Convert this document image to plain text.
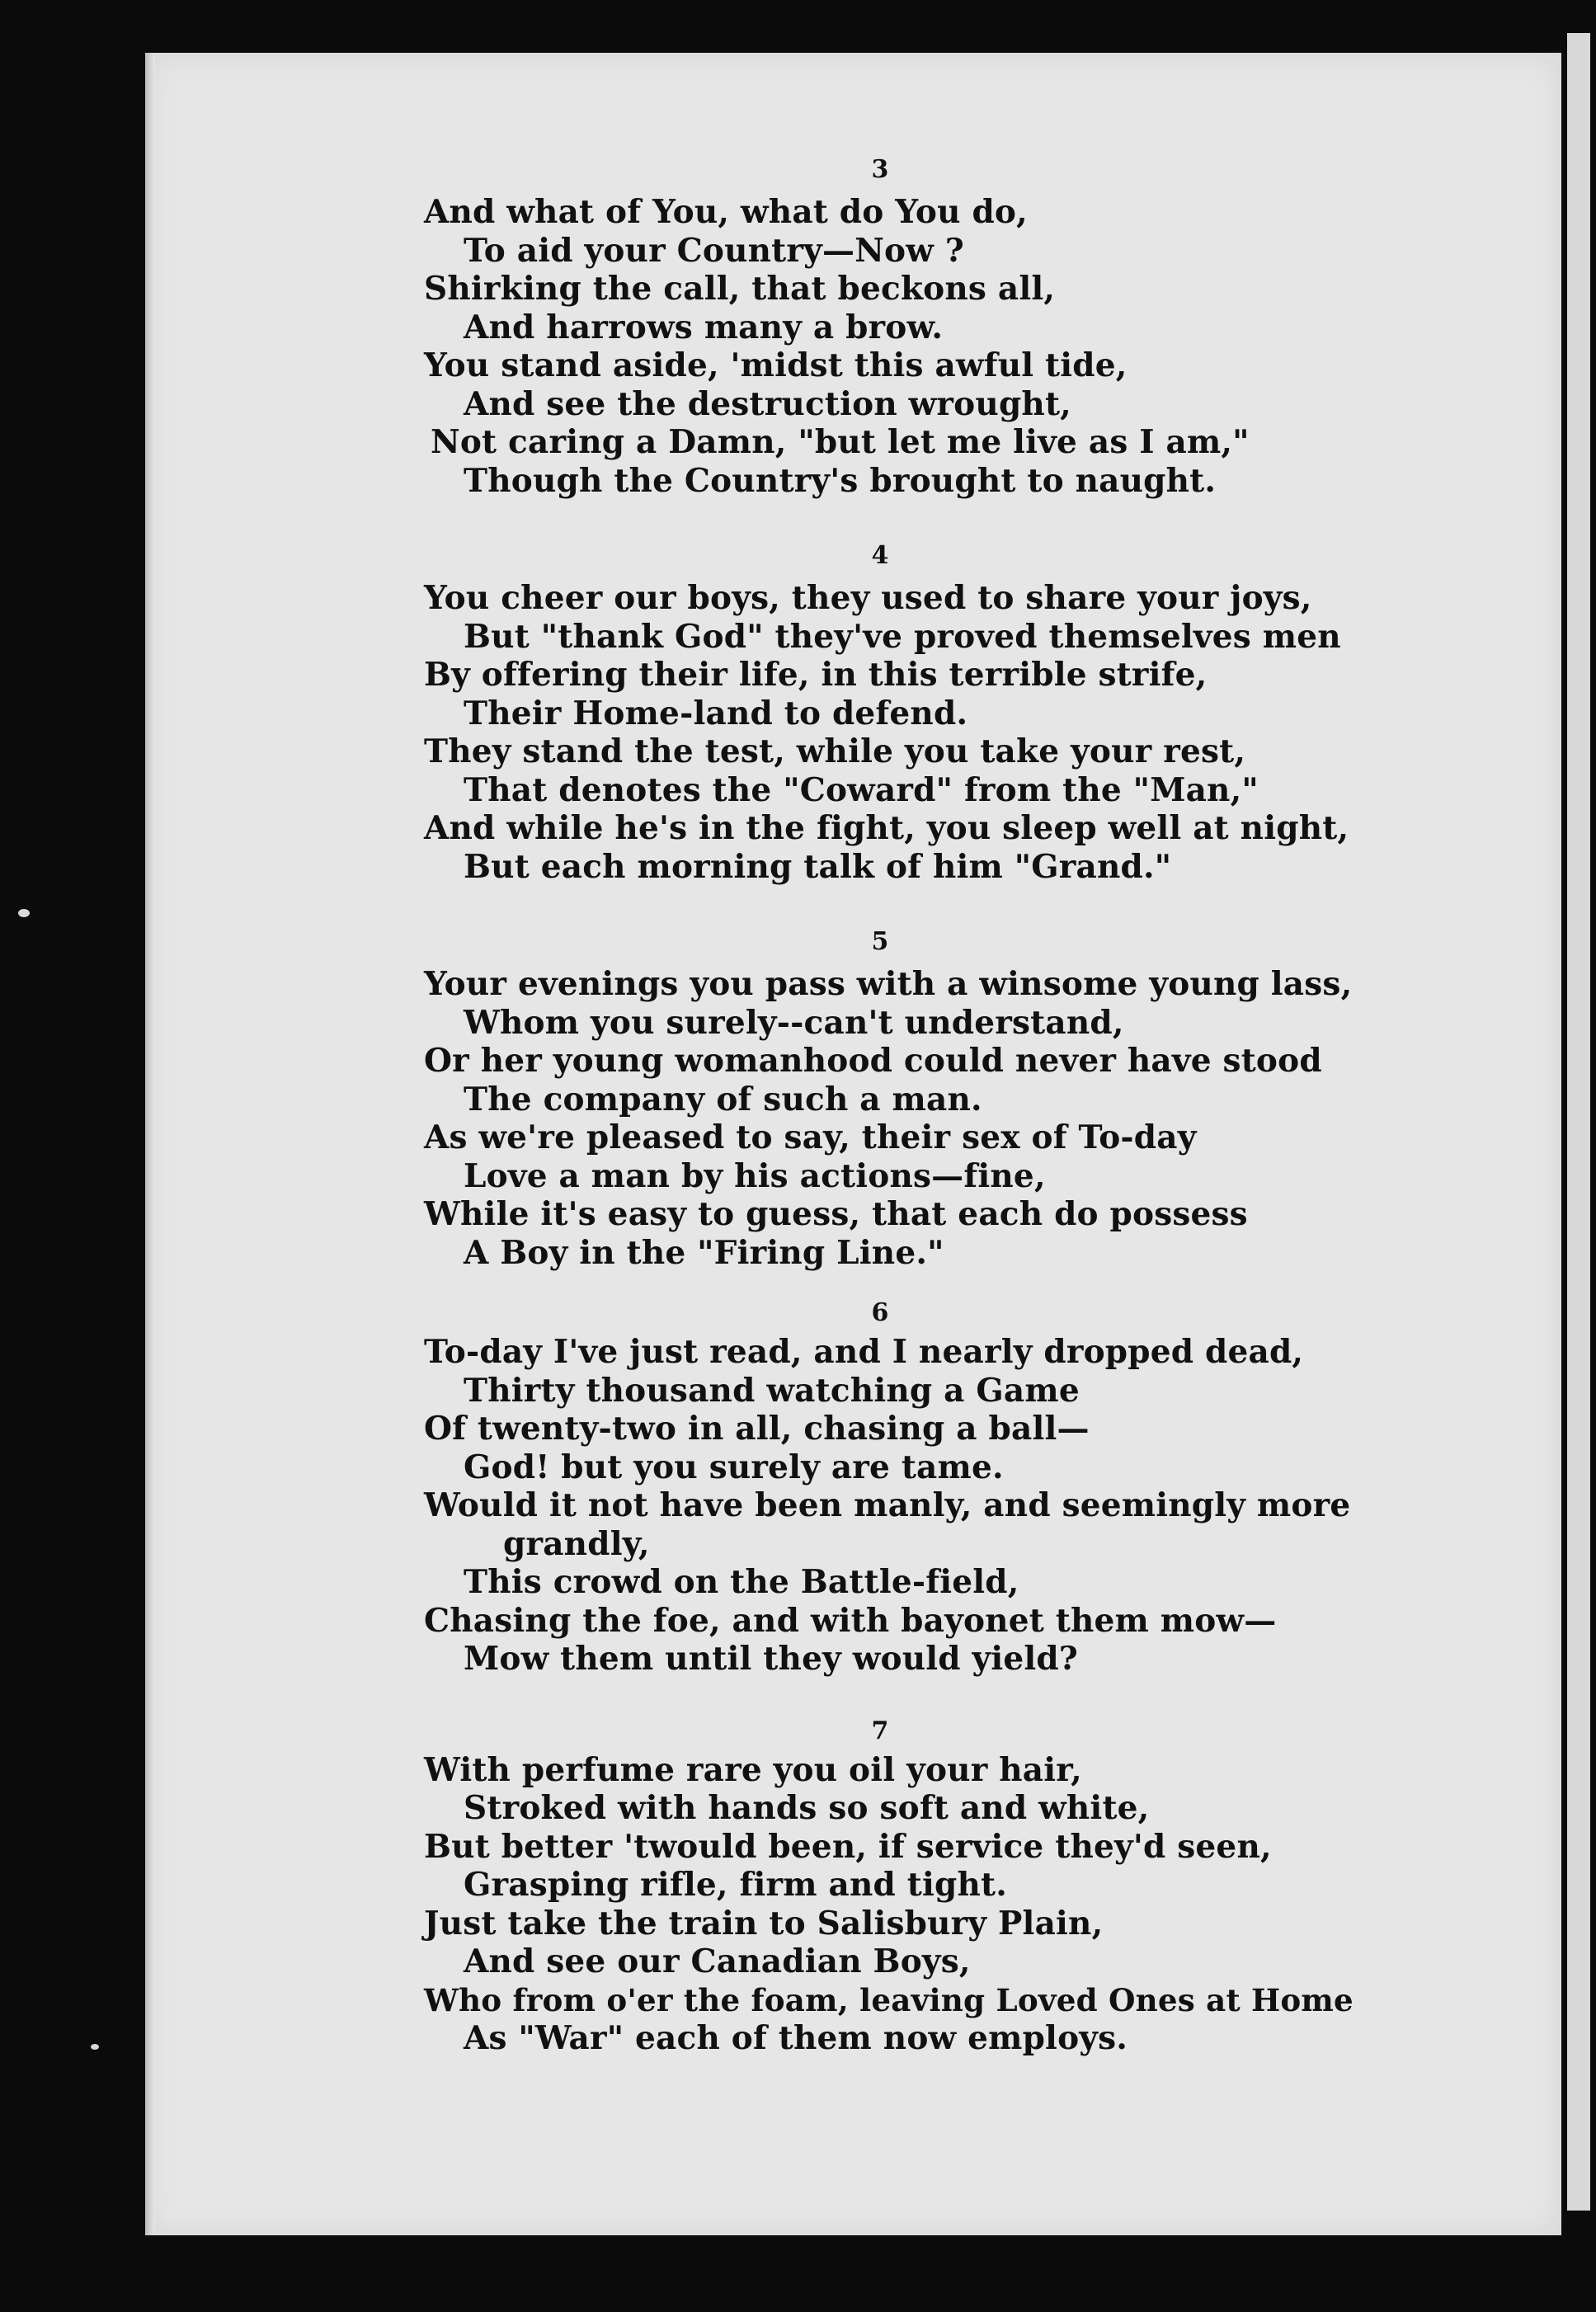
3
And what of You, what do You do,
To aid your Country—Now ?
Shirking the call, that beckons all,
And harrows many a brow.
You stand aside, 'midst this awful tide,
And see the destruction wrought,
Not caring a Damn, "but let me live as I am,"
Though the Country's brought to naught.
4
You cheer our boys, they used to share your joys,
But "thank God" they've proved themselves men
By offering their life, in this terrible strife,
Their Home-land to defend.
They stand the test, while you take your rest,
That denotes the "Coward" from the "Man,"
And while he's in the fight, you sleep well at night,
But each morning talk of him "Grand."
5
Your evenings you pass with a winsome young lass,
Whom you surely--can't understand,
Or her young womanhood could never have stood
The company of such a man.
As we're pleased to say, their sex of To-day
Love a man by his actions—fine,
While it's easy to guess, that each do possess
A Boy in the "Firing Line."
6
To-day I've just read, and I nearly dropped dead,
Thirty thousand watching a Game
Of twenty-two in all, chasing a ball—
God! but you surely are tame.
Would it not have been manly, and seemingly more
grandly,
This crowd on the Battle-field,
Chasing the foe, and with bayonet them mow—
Mow them until they would yield?
7
With perfume rare you oil your hair,
Stroked with hands so soft and white,
But better 'twould been, if service they'd seen,
Grasping rifle, firm and tight.
Just take the train to Salisbury Plain,
And see our Canadian Boys,
Who from o'er the foam, leaving Loved Ones at Home
As "War" each of them now employs.
